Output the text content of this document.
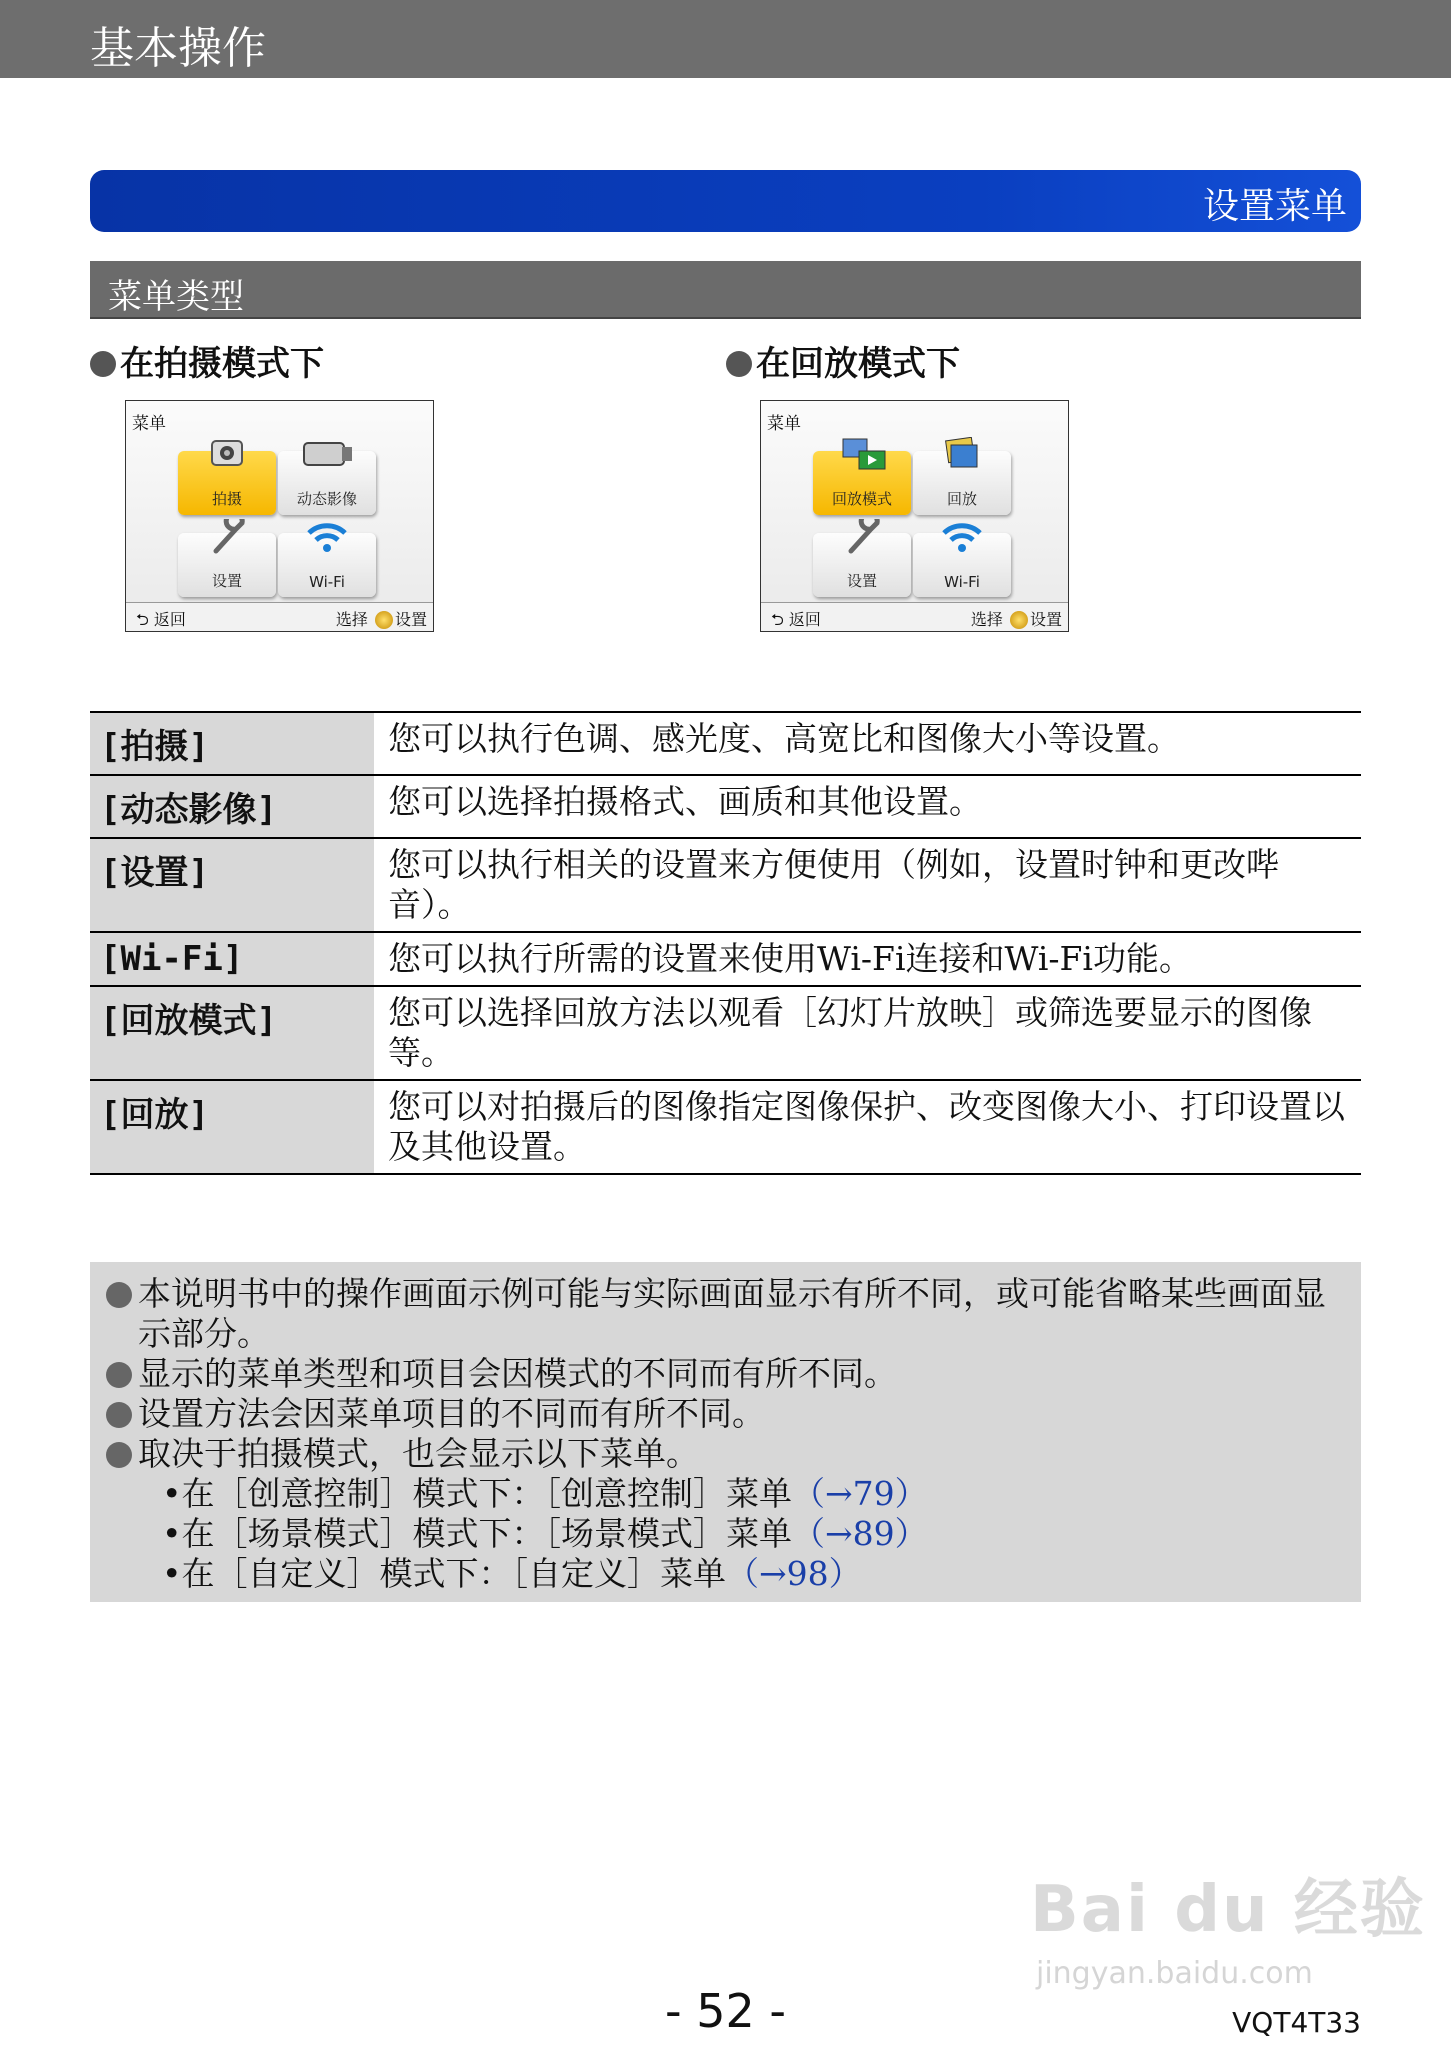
基本操作
设置菜单
菜单类型
在拍摄模式下	在回放模式下
菜单
拍摄	动态影像
设置	Wi-Fi
⮌ 返回	选择 设置
菜单
回放模式	回放
设置	Wi-Fi
⮌ 返回	选择 设置
[拍摄]	您可以执行色调、感光度、高宽比和图像大小等设置。
[动态影像]	您可以选择拍摄格式、画质和其他设置。
[设置]	您可以执行相关的设置来方便使用（例如，设置时钟和更改哔音）。
[Wi-Fi]	您可以执行所需的设置来使用Wi-Fi连接和Wi-Fi功能。
[回放模式]	您可以选择回放方法以观看［幻灯片放映］或筛选要显示的图像等。
[回放]	您可以对拍摄后的图像指定图像保护、改变图像大小、打印设置以及其他设置。
本说明书中的操作画面示例可能与实际画面显示有所不同，或可能省略某些画面显示部分。
显示的菜单类型和项目会因模式的不同而有所不同。
设置方法会因菜单项目的不同而有所不同。
取决于拍摄模式，也会显示以下菜单。
•在［创意控制］模式下：［创意控制］菜单（→79）
•在［场景模式］模式下：［场景模式］菜单（→89）
•在［自定义］模式下：［自定义］菜单（→98）
Bai du 经验
jingyan.baidu.com
- 52 -	VQT4T33
